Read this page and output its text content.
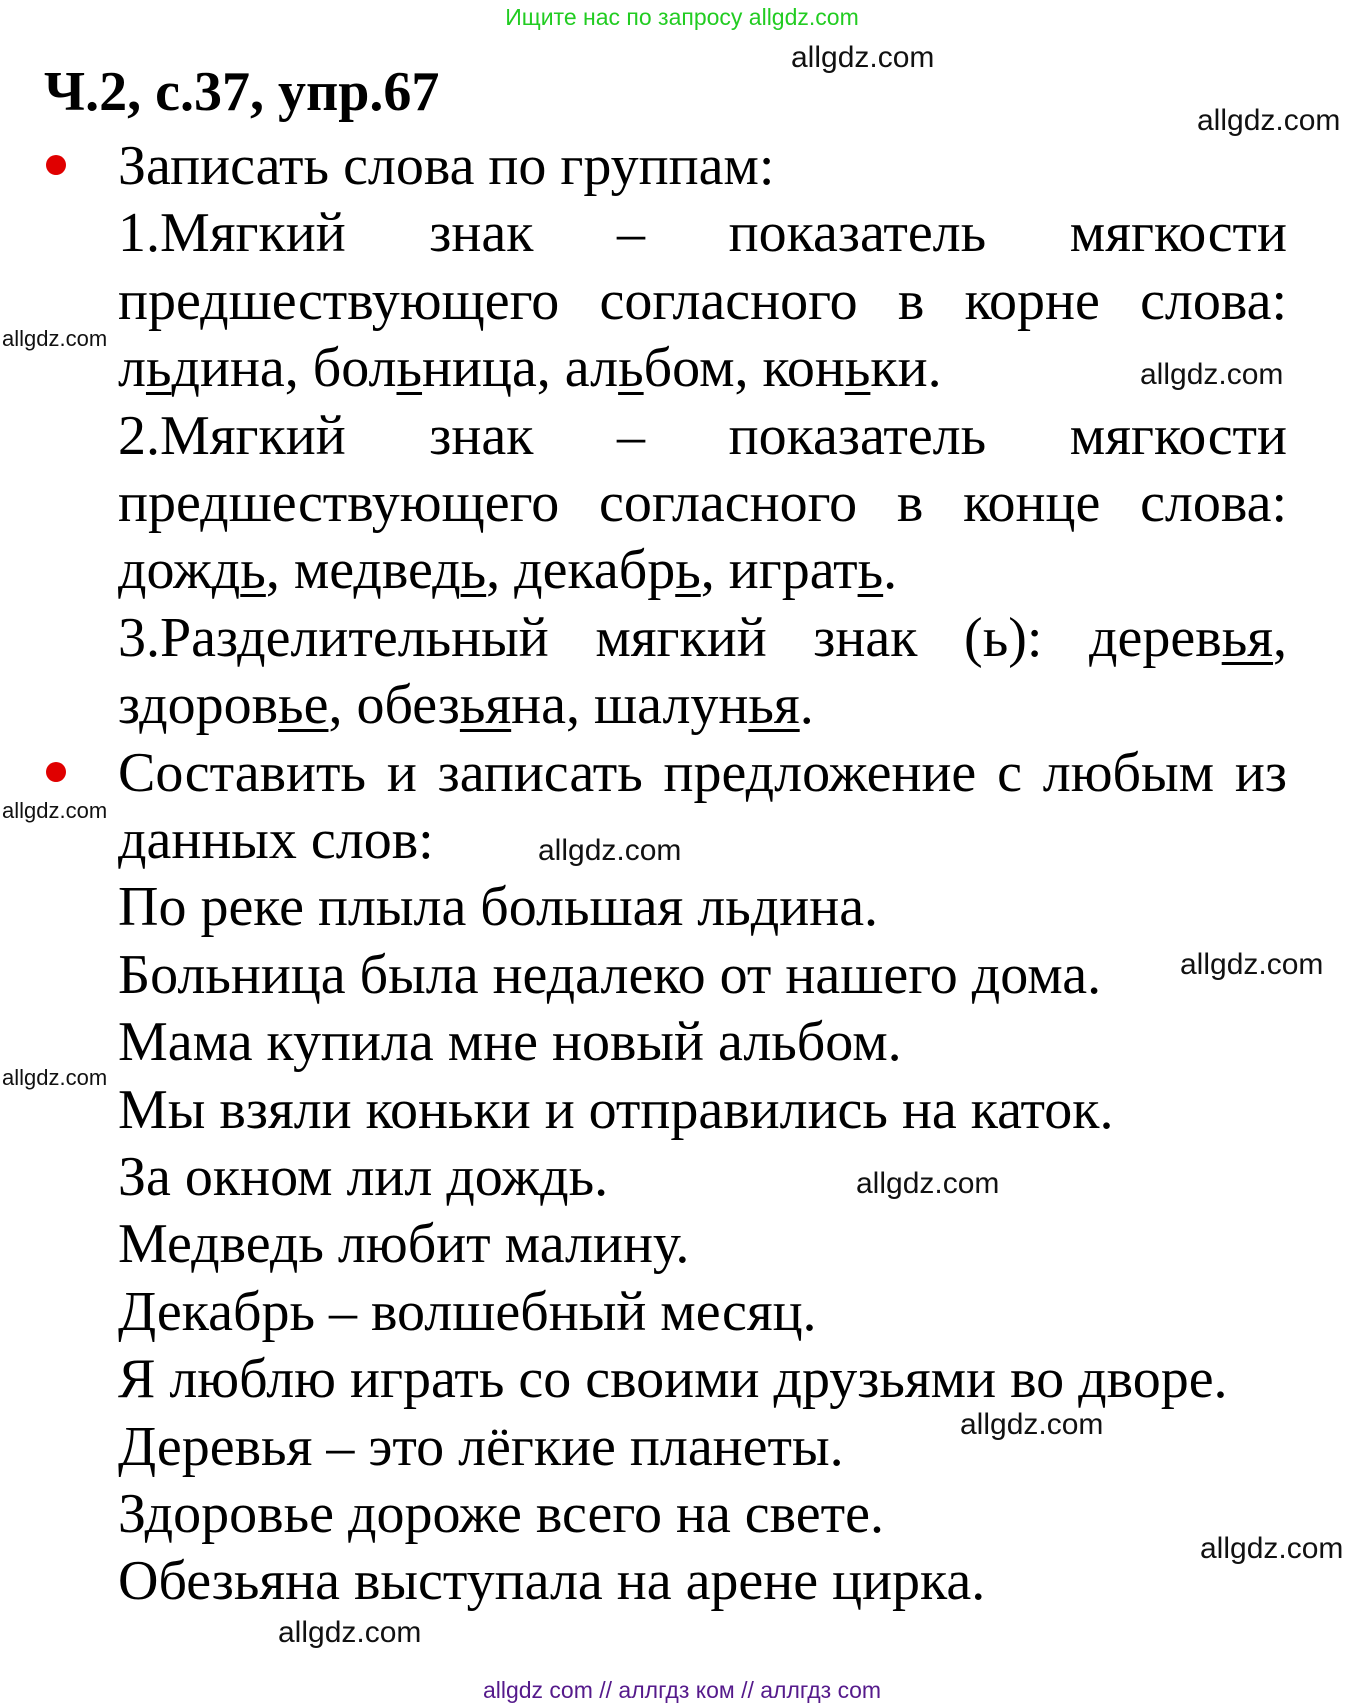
Ищите нас по запросу allgdz.com
Ч.2, с.37, упр.67
Записать слова по группам:
1.Мягкий знак – показатель мягкости
предшествующего согласного в корне слова:
льдина, больница, альбом, коньки.
2.Мягкий знак – показатель мягкости
предшествующего согласного в конце слова:
дождь, медведь, декабрь, играть.
3.Разделительный мягкий знак (ь): деревья,
здоровье, обезьяна, шалунья.
Составить и записать предложение с любым из
данных слов:
По реке плыла большая льдина.
Больница была недалеко от нашего дома.
Мама купила мне новый альбом.
Мы взяли коньки и отправились на каток.
За окном лил дождь.
Медведь любит малину.
Декабрь – волшебный месяц.
Я люблю играть со своими друзьями во дворе.
Деревья – это лёгкие планеты.
Здоровье дороже всего на свете.
Обезьяна выступала на арене цирка.
allgdz.com
allgdz.com
allgdz.com
allgdz.com
allgdz.com
allgdz.com
allgdz.com
allgdz.com
allgdz.com
allgdz.com
allgdz.com
allgdz.com
allgdz com // аллгдз ком // аллгдз com
